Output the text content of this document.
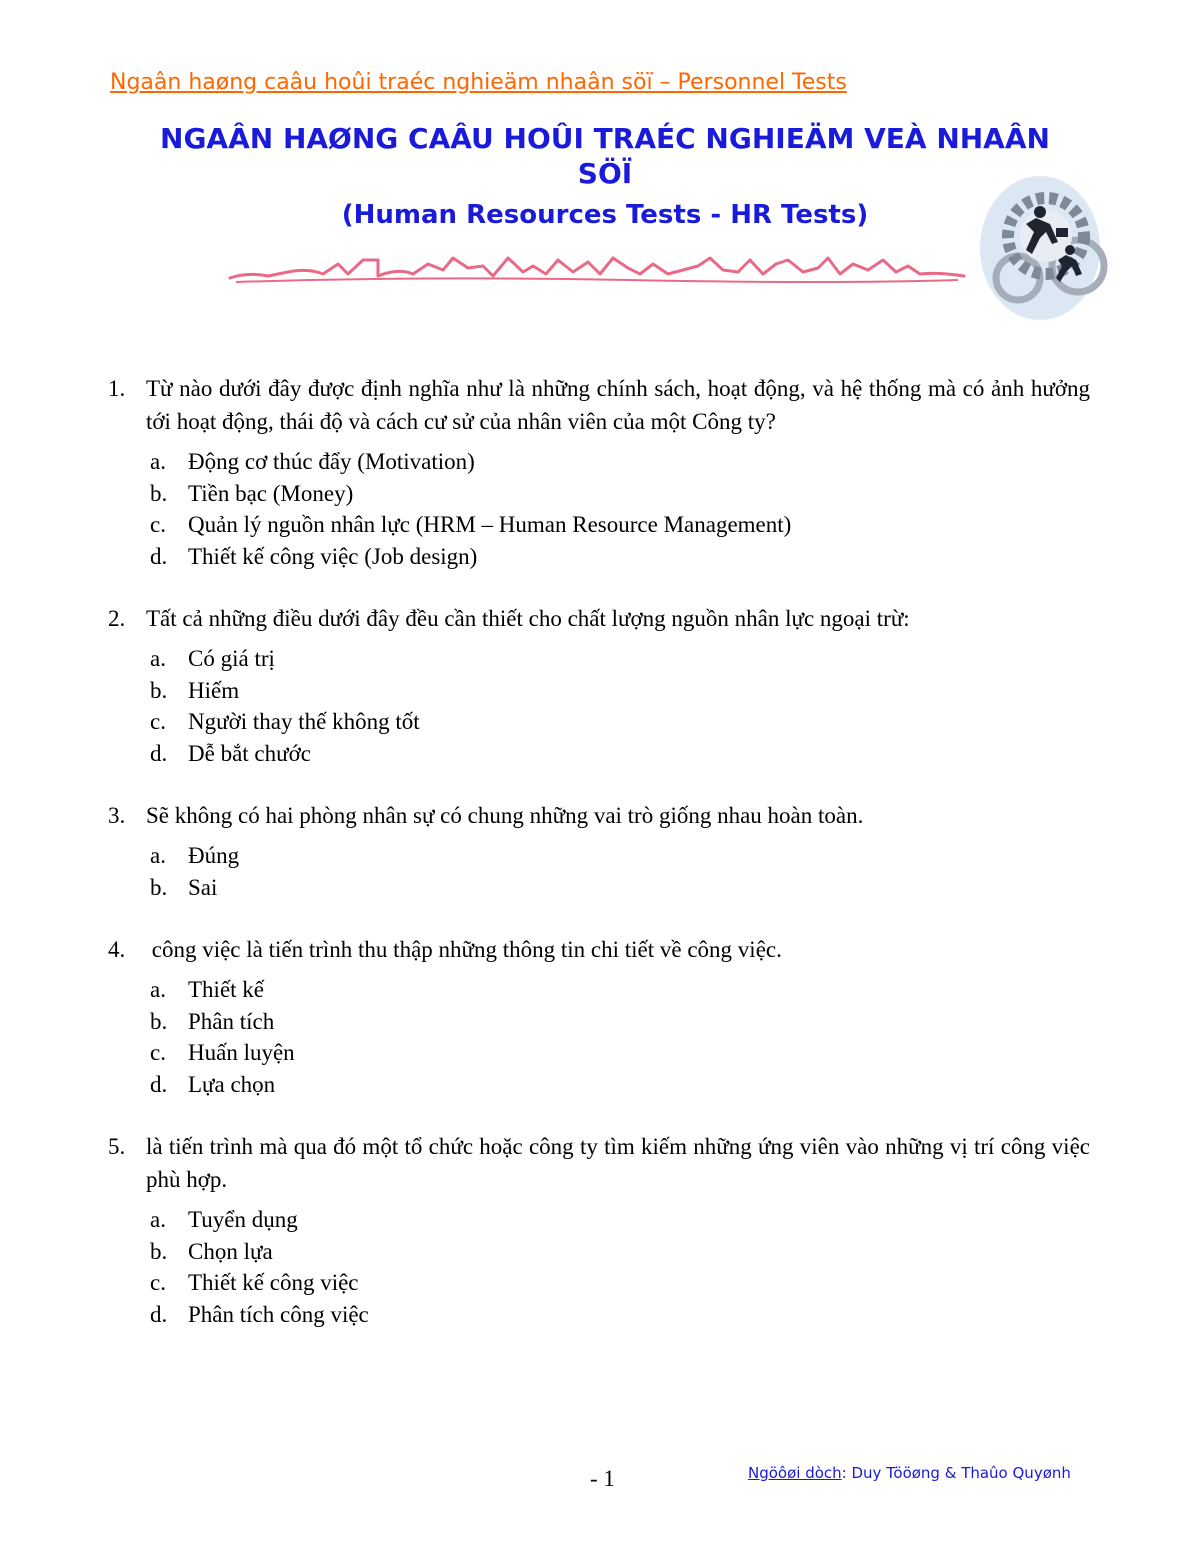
Ngaân haøng caâu hoûi traéc nghieäm nhaân söï – Personnel Tests
NGAÂN HAØNG CAÂU HOÛI TRAÉC NGHIEÄM VEÀ NHAÂN
SÖÏ
(Human Resources Tests - HR Tests)
1. Từ nào dưới đây được định nghĩa như là những chính sách, hoạt động, và hệ thống mà có ảnh hưởng tới hoạt động, thái độ và cách cư sử của nhân viên của một Công ty?
a. Động cơ thúc đẩy (Motivation)
b. Tiền bạc (Money)
c. Quản lý nguồn nhân lực (HRM – Human Resource Management)
d. Thiết kế công việc (Job design)
2. Tất cả những điều dưới đây đều cần thiết cho chất lượng nguồn nhân lực ngoại trừ:
a. Có giá trị
b. Hiếm
c. Người thay thế không tốt
d. Dễ bắt chước
3. Sẽ không có hai phòng nhân sự có chung những vai trò giống nhau hoàn toàn.
a. Đúng
b. Sai
4. công việc là tiến trình thu thập những thông tin chi tiết về công việc.
a. Thiết kế
b. Phân tích
c. Huấn luyện
d. Lựa chọn
5. là tiến trình mà qua đó một tổ chức hoặc công ty tìm kiếm những ứng viên vào những vị trí công việc phù hợp.
a. Tuyển dụng
b. Chọn lựa
c. Thiết kế công việc
d. Phân tích công việc
- 1	Ngöôøi dòch: Duy Tööøng & Thaûo Quyønh
